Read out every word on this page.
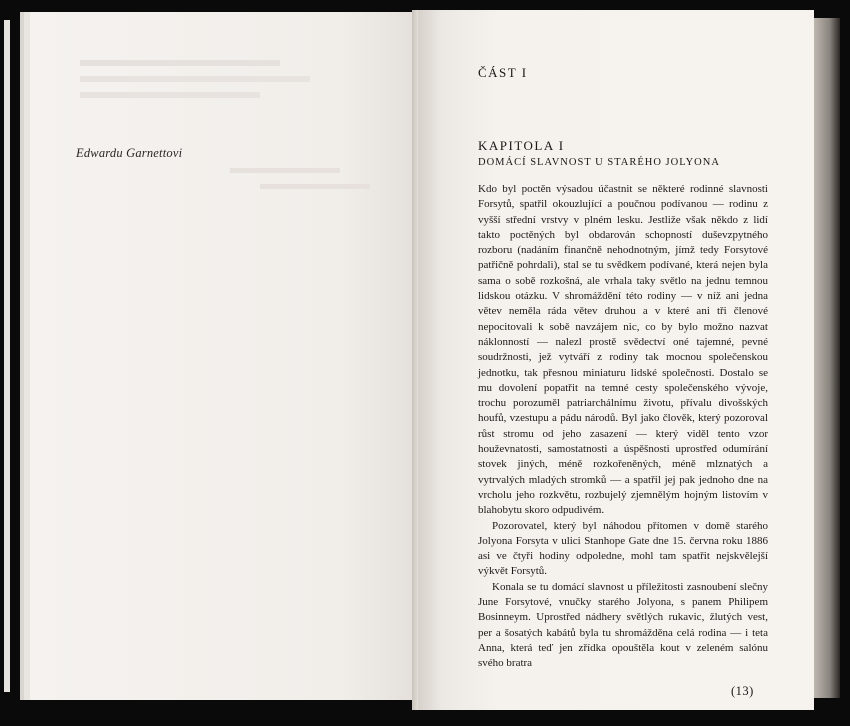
Edwardu Garnettovi
ČÁST I
KAPITOLA I
DOMÁCÍ SLAVNOST U STARÉHO JOLYONA

Kdo byl poctěn výsadou účastnit se některé rodinné slavnosti Forsytů, spatřil okouzlující a poučnou podívanou — rodinu z vyšší střední vrstvy v plném lesku. Jestliže však někdo z lidí takto poctěných byl obdarován schopností duševzpytného rozboru (nadáním finančně nehodnotným, jímž tedy Forsytové patřičně pohrdali), stal se tu svědkem podívané, která nejen byla sama o sobě rozkošná, ale vrhala taky světlo na jednu temnou lidskou otázku. V shromáždění této rodiny — v níž ani jedna větev neměla ráda větev druhou a v které ani tři členové nepocitovali k sobě navzájem nic, co by bylo možno nazvat náklonností — nalezl prostě svědectví oné tajemné, pevné soudržnosti, jež vytváří z rodiny tak mocnou společenskou jednotku, tak přesnou miniaturu lidské společnosti. Dostalo se mu dovolení popatřit na temné cesty společenského vývoje, trochu porozuměl patriarchálnímu životu, přívalu divošských houfů, vzestupu a pádu národů. Byl jako člověk, který pozoroval růst stromu od jeho zasazení — který viděl tento vzor houževnatosti, samostatnosti a úspěšnosti uprostřed odumírání stovek jiných, méně rozkořeněných, méně mlznatých a vytrvalých mladých stromků — a spatřil jej pak jednoho dne na vrcholu jeho rozkvětu, rozbujelý zjemnělým hojným listovím v blahobytu skoro odpudivém.

Pozorovatel, který byl náhodou přítomen v domě starého Jolyona Forsyta v ulici Stanhope Gate dne 15. června roku 1886 asi ve čtyři hodiny odpoledne, mohl tam spatřit nejskvělejší výkvět Forsytů.

Konala se tu domácí slavnost u příležitosti zasnoubení slečny June Forsytové, vnučky starého Jolyona, s panem Philipem Bosinneym. Uprostřed nádhery světlých rukavic, žlutých vest, per a šosatých kabátů byla tu shromážděna celá rodina — i teta Anna, která teď jen zřídka opouštěla kout v zeleném salónu svého bratra

(13)
